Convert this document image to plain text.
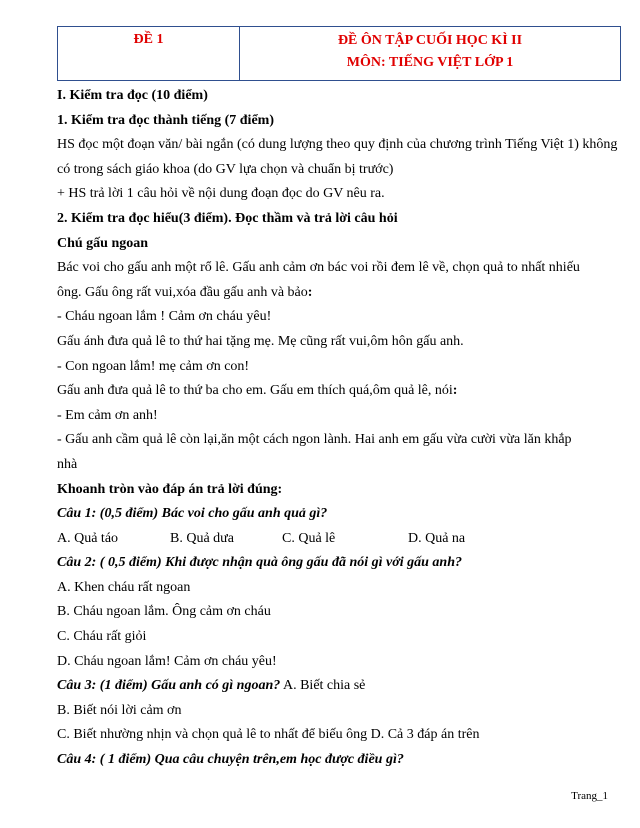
ĐỀ 1	ĐỀ ÔN TẬP CUỐI HỌC KÌ II
MÔN: TIẾNG VIỆT LỚP 1
I. Kiểm tra đọc (10 điểm)
1. Kiểm tra đọc thành tiếng (7 điểm)
HS đọc một đoạn văn/ bài ngắn (có dung lượng theo quy định của chương trình Tiếng Việt 1) không có trong sách giáo khoa (do GV lựa chọn và chuẩn bị trước)
+ HS trả lời 1 câu hỏi về nội dung đoạn đọc do GV nêu ra.
2. Kiểm tra đọc hiểu(3 điểm). Đọc thầm và trả lời câu hỏi
Chú gấu ngoan
Bác voi cho gấu anh một rổ lê. Gấu anh cảm ơn bác voi rồi đem lê về, chọn quả to nhất nhiếu
ông. Gấu ông rất vui,xóa đầu gấu anh và bảo:
- Cháu ngoan lắm ! Cảm ơn cháu yêu!
Gấu ánh đưa quả lê to thứ hai tặng mẹ. Mẹ cũng rất vui,ôm hôn gấu anh.
- Con ngoan lắm! mẹ cảm ơn con!
Gấu anh đưa quả lê to thứ ba cho em. Gấu em thích quá,ôm quả lê, nói:
- Em cảm ơn anh!
- Gấu anh cầm quả lê còn lại,ăn một cách ngon lành. Hai anh em gấu vừa cười vừa lăn khắp
nhà
Khoanh tròn vào đáp án trả lời đúng:
Câu 1: (0,5 điểm) Bác voi cho gấu anh quả gì?
A. Quả táo	B. Quả dưa	C. Quả lê	D. Quả na
Câu 2: ( 0,5 điểm) Khi được nhận quà ông gấu đã nói gì với gấu anh?
A. Khen cháu rất ngoan
B. Cháu ngoan lắm. Ông cảm ơn cháu
C. Cháu rất giỏi
D. Cháu ngoan lắm! Cảm ơn cháu yêu!
Câu 3: (1 điểm) Gấu anh có gì ngoan? A. Biết chia sẻ
B. Biết nói lời cảm ơn
C. Biết nhường nhịn và chọn quả lê to nhất để biếu ông D. Cả 3 đáp án trên
Câu 4: ( 1 điểm) Qua câu chuyện trên,em học được điều gì?
Trang_1
